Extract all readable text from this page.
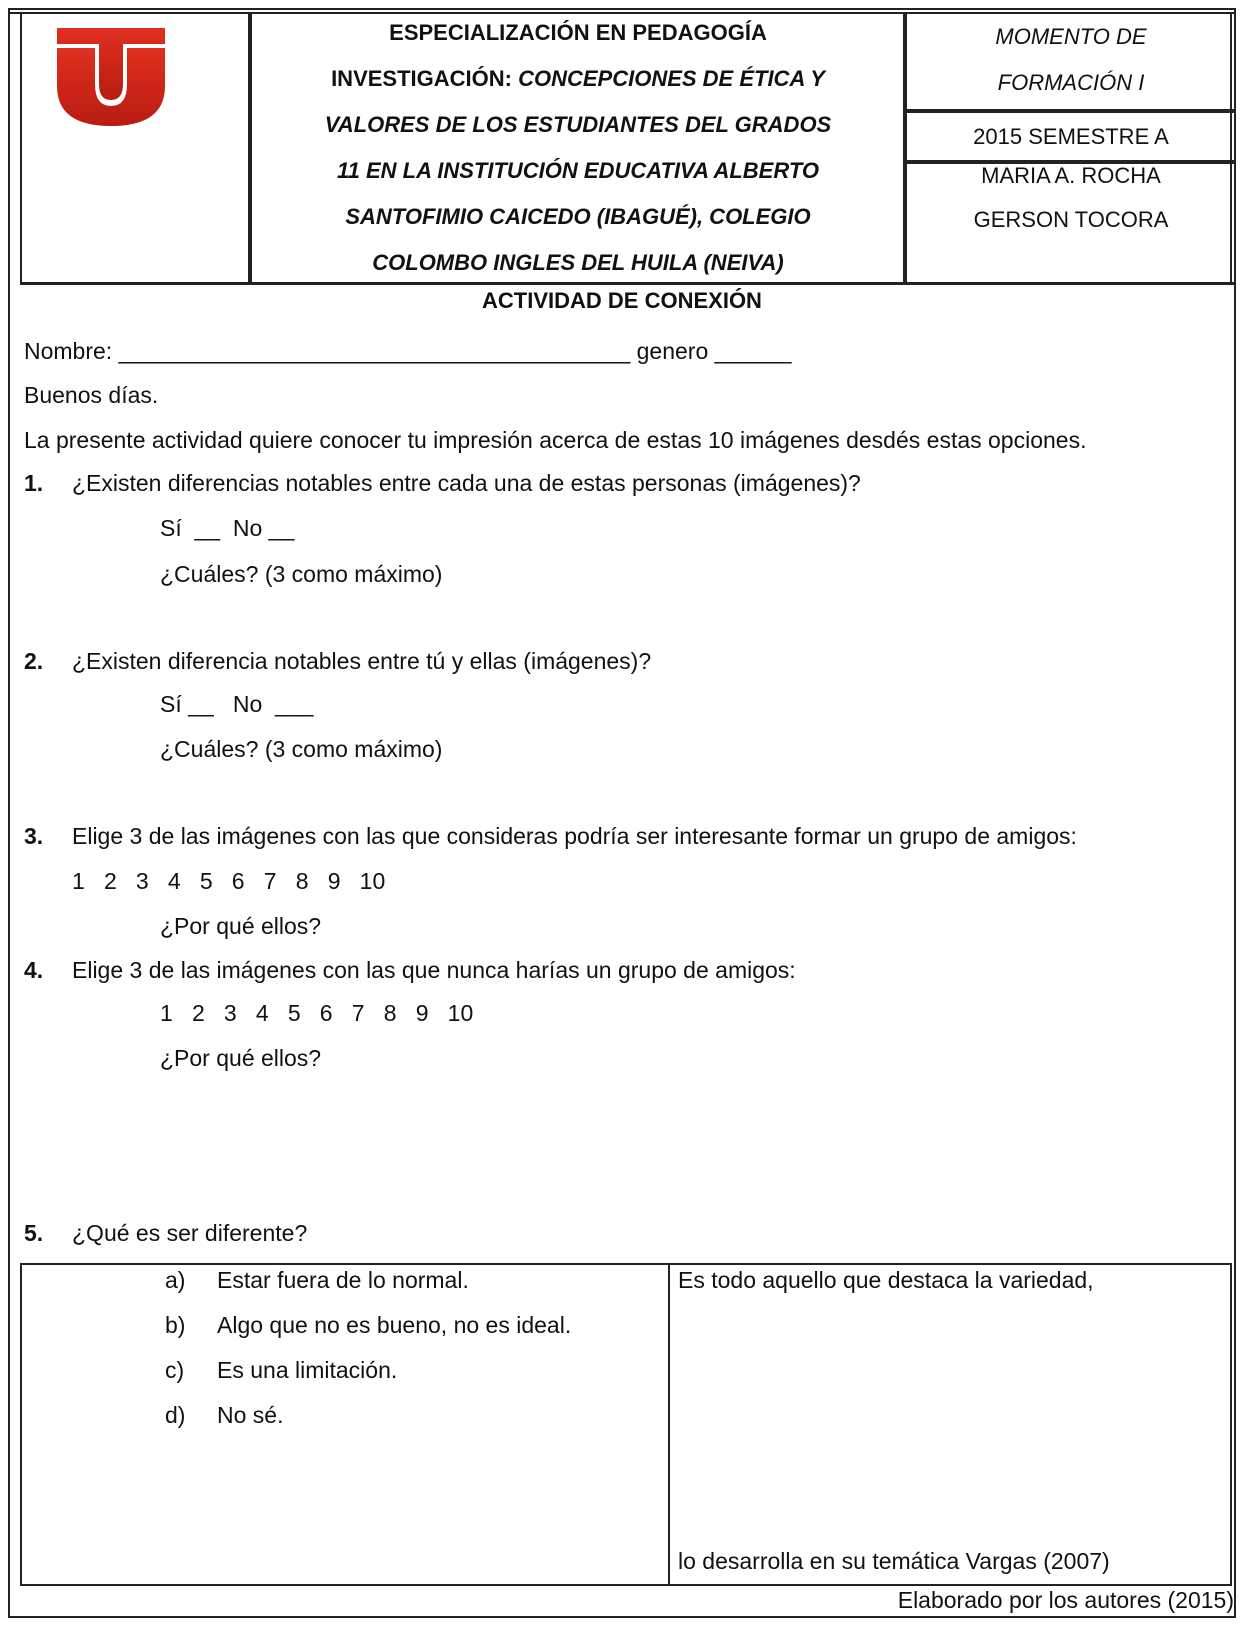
ESPECIALIZACIÓN EN PEDAGOGÍA
INVESTIGACIÓN: CONCEPCIONES DE ÉTICA Y
VALORES DE LOS ESTUDIANTES DEL GRADOS
11 EN LA INSTITUCIÓN EDUCATIVA ALBERTO
SANTOFIMIO CAICEDO (IBAGUÉ), COLEGIO
COLOMBO INGLES DEL HUILA (NEIVA)
MOMENTO DE
FORMACIÓN I
2015 SEMESTRE A
MARIA A. ROCHA
GERSON TOCORA
ACTIVIDAD DE CONEXIÓN
Nombre: ________________________________________ genero ______
Buenos días.
La presente actividad quiere conocer tu impresión acerca de estas 10 imágenes desdés estas opciones.
1. ¿Existen diferencias notables entre cada una de estas personas (imágenes)?
Sí  __  No __
¿Cuáles? (3 como máximo)
2. ¿Existen diferencia notables entre tú y ellas (imágenes)?
Sí __   No  ___
¿Cuáles? (3 como máximo)
3. Elige 3 de las imágenes con las que consideras podría ser interesante formar un grupo de amigos:
1   2   3   4   5   6   7   8   9   10
¿Por qué ellos?
4. Elige 3 de las imágenes con las que nunca harías un grupo de amigos:
1   2   3   4   5   6   7   8   9   10
¿Por qué ellos?
5. ¿Qué es ser diferente?
a) Estar fuera de lo normal.
b) Algo que no es bueno, no es ideal.
c) Es una limitación.
d) No sé.
Es todo aquello que destaca la variedad,
lo desarrolla en su temática Vargas (2007)
Elaborado por los autores (2015)
